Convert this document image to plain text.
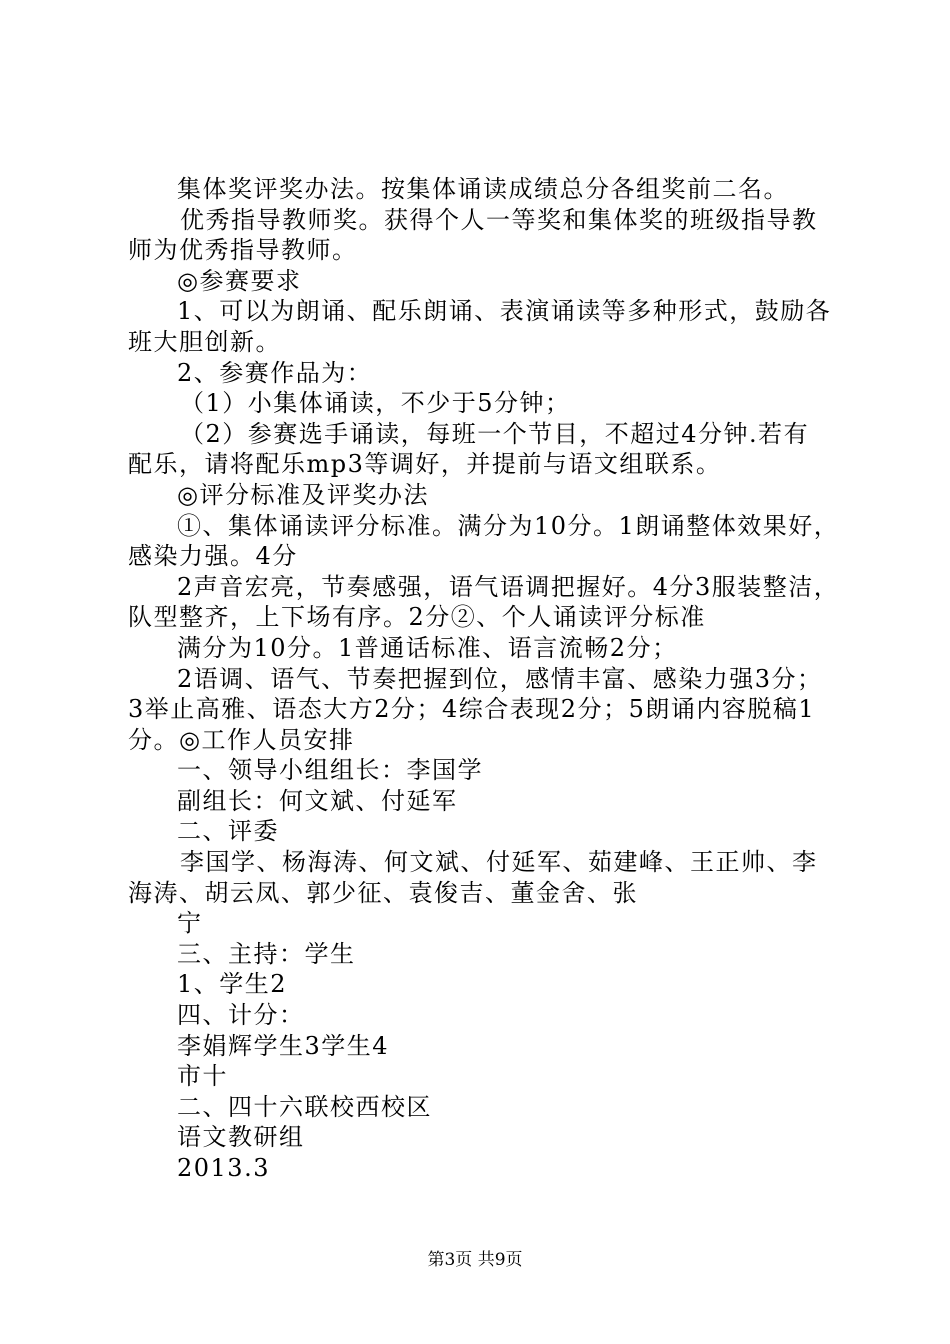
集体奖评奖办法。按集体诵读成绩总分各组奖前二名。
优秀指导教师奖。获得个人一等奖和集体奖的班级指导教
师为优秀指导教师。
◎参赛要求
1、可以为朗诵、配乐朗诵、表演诵读等多种形式，鼓励各
班大胆创新。
2、参赛作品为：
（1）小集体诵读，不少于5分钟；
（2）参赛选手诵读，每班一个节目，不超过4分钟.若有
配乐，请将配乐mp3等调好，并提前与语文组联系。
◎评分标准及评奖办法
①、集体诵读评分标准。满分为10分。1朗诵整体效果好，
感染力强。4分
2声音宏亮，节奏感强，语气语调把握好。4分3服装整洁，
队型整齐，上下场有序。2分②、个人诵读评分标准
满分为10分。1普通话标准、语言流畅2分；
2语调、语气、节奏把握到位，感情丰富、感染力强3分；
3举止高雅、语态大方2分；4综合表现2分；5朗诵内容脱稿1
分。◎工作人员安排
一、领导小组组长：李国学
副组长：何文斌、付延军
二、评委
李国学、杨海涛、何文斌、付延军、茹建峰、王正帅、李
海涛、胡云凤、郭少征、袁俊吉、董金舍、张
宁
三、主持：学生
1、学生2
四、计分：
李娟辉学生3学生4
市十
二、四十六联校西校区
语文教研组
2013.3
第3页 共9页
